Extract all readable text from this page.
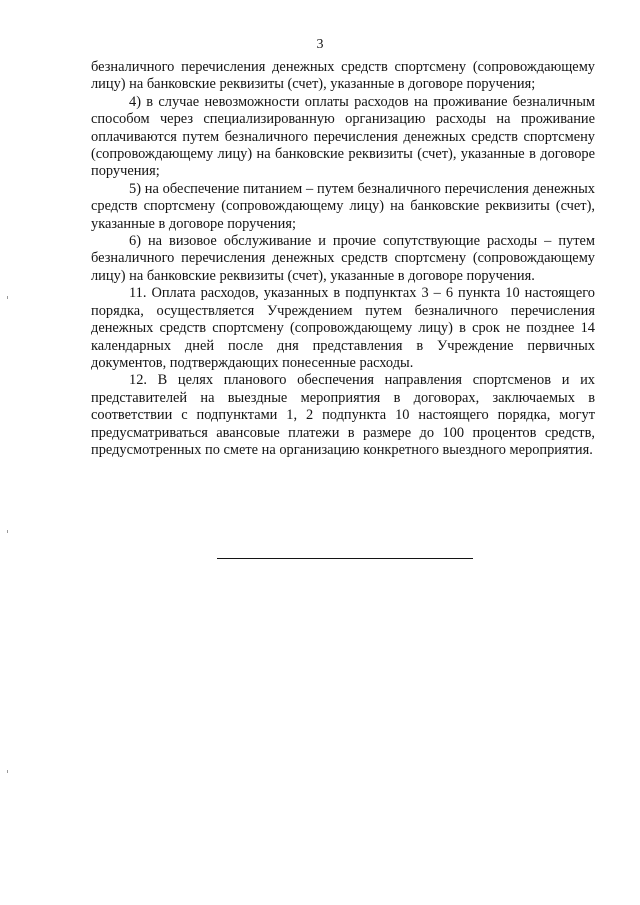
3

безналичного перечисления денежных средств спортсмену (сопровождающему лицу) на банковские реквизиты (счет), указанные в договоре поручения;

4) в случае невозможности оплаты расходов на проживание безналичным способом через специализированную организацию расходы на проживание оплачиваются путем безналичного перечисления денежных средств спортсмену (сопровождающему лицу) на банковские реквизиты (счет), указанные в договоре поручения;

5) на обеспечение питанием – путем безналичного перечисления денежных средств спортсмену (сопровождающему лицу) на банковские реквизиты (счет), указанные в договоре поручения;

6) на визовое обслуживание и прочие сопутствующие расходы – путем безналичного перечисления денежных средств спортсмену (сопровождающему лицу) на банковские реквизиты (счет), указанные в договоре поручения.

11. Оплата расходов, указанных в подпунктах 3 – 6 пункта 10 настоящего порядка, осуществляется Учреждением путем безналичного перечисления денежных средств спортсмену (сопровождающему лицу) в срок не позднее 14 календарных дней после дня представления в Учреждение первичных документов, подтверждающих понесенные расходы.

12. В целях планового обеспечения направления спортсменов и их представителей на выездные мероприятия в договорах, заключаемых в соответствии с подпунктами 1, 2 подпункта 10 настоящего порядка, могут предусматриваться авансовые платежи в размере до 100 процентов средств, предусмотренных по смете на организацию конкретного выездного мероприятия.
